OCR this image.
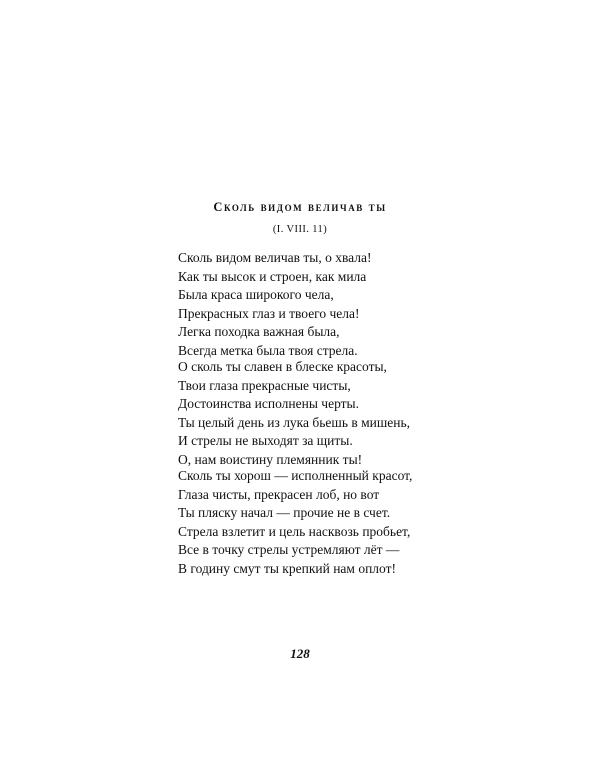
Сколь видом величав ты
(I. VIII. 11)
Сколь видом величав ты, о хвала!
Как ты высок и строен, как мила
Была краса широкого чела,
Прекрасных глаз и твоего чела!
Легка походка важная была,
Всегда метка была твоя стрела.
О сколь ты славен в блеске красоты,
Твои глаза прекрасные чисты,
Достоинства исполнены черты.
Ты целый день из лука бьешь в мишень,
И стрелы не выходят за щиты.
О, нам воистину племянник ты!
Сколь ты хорош — исполненный красот,
Глаза чисты, прекрасен лоб, но вот
Ты пляску начал — прочие не в счет.
Стрела взлетит и цель насквозь пробьет,
Все в точку стрелы устремляют лёт —
В годину смут ты крепкий нам оплот!
128
